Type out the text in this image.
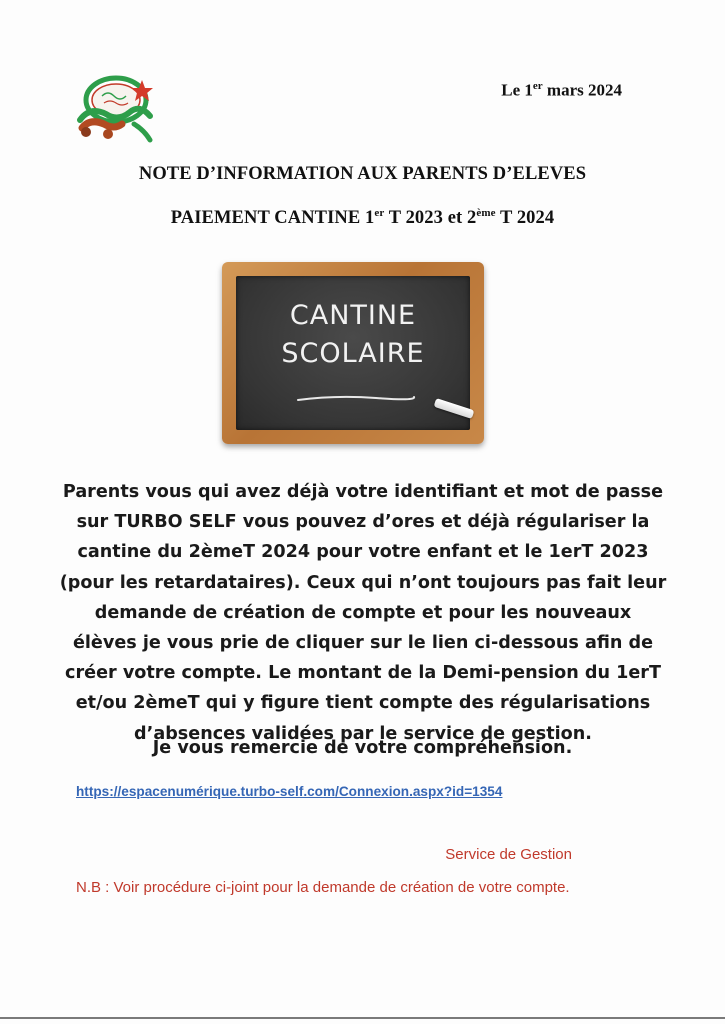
Le 1er mars 2024
NOTE D’INFORMATION AUX PARENTS D’ELEVES
PAIEMENT CANTINE 1er T 2023 et 2ème T 2024
CANTINE
SCOLAIRE
Parents vous qui avez déjà votre identifiant et mot de passe
sur TURBO SELF vous pouvez d’ores et déjà régulariser la
cantine du 2èmeT 2024 pour votre enfant et le 1erT 2023
(pour les retardataires). Ceux qui n’ont toujours pas fait leur
demande de création de compte et pour les nouveaux
élèves je vous prie de cliquer sur le lien ci-dessous afin de
créer votre compte. Le montant de la Demi-pension du 1erT
et/ou 2èmeT qui y figure tient compte des régularisations
d’absences validées par le service de gestion.
Je vous remercie de votre compréhension.
https://espacenumérique.turbo-self.com/Connexion.aspx?id=1354
Service de Gestion
N.B : Voir procédure ci-joint pour la demande de création de votre compte.
